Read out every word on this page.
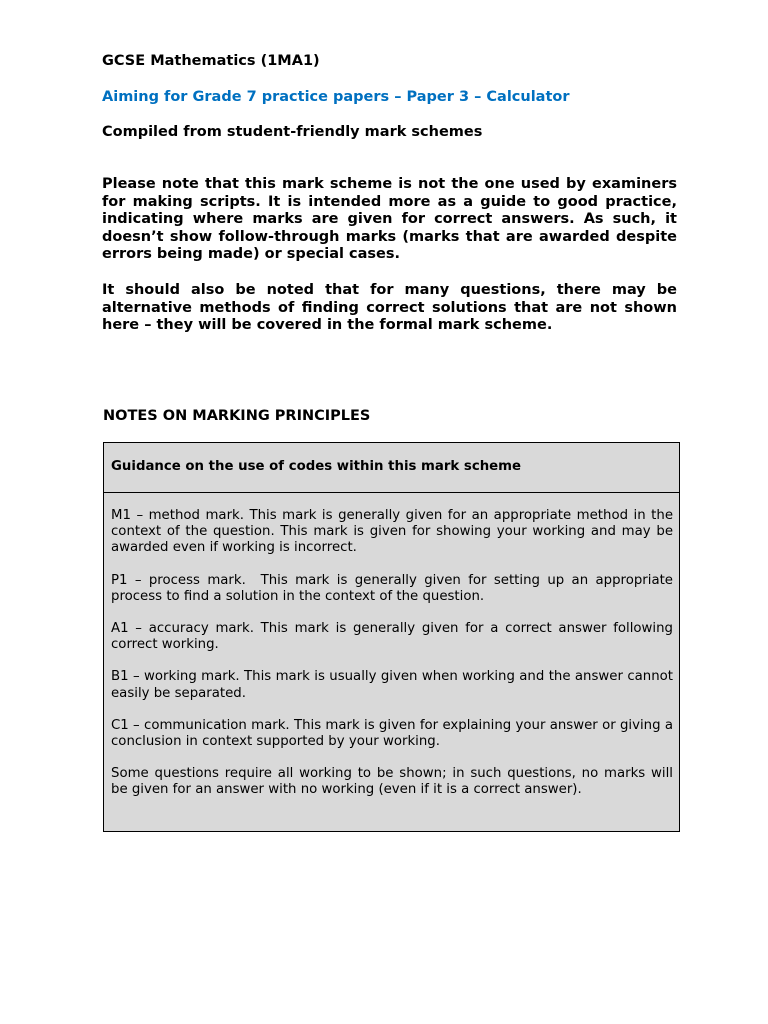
GCSE Mathematics (1MA1)
Aiming for Grade 7 practice papers – Paper 3 – Calculator
Compiled from student-friendly mark schemes
Please note that this mark scheme is not the one used by examiners for making scripts. It is intended more as a guide to good practice, indicating where marks are given for correct answers. As such, it doesn’t show follow-through marks (marks that are awarded despite errors being made) or special cases.
It should also be noted that for many questions, there may be alternative methods of finding correct solutions that are not shown here – they will be covered in the formal mark scheme.
NOTES ON MARKING PRINCIPLES
Guidance on the use of codes within this mark scheme

M1 – method mark. This mark is generally given for an appropriate method in the context of the question. This mark is given for showing your working and may be awarded even if working is incorrect.

P1 – process mark.  This mark is generally given for setting up an appropriate process to find a solution in the context of the question.

A1 – accuracy mark. This mark is generally given for a correct answer following correct working.

B1 – working mark. This mark is usually given when working and the answer cannot easily be separated.

C1 – communication mark. This mark is given for explaining your answer or giving a conclusion in context supported by your working.

Some questions require all working to be shown; in such questions, no marks will be given for an answer with no working (even if it is a correct answer).
